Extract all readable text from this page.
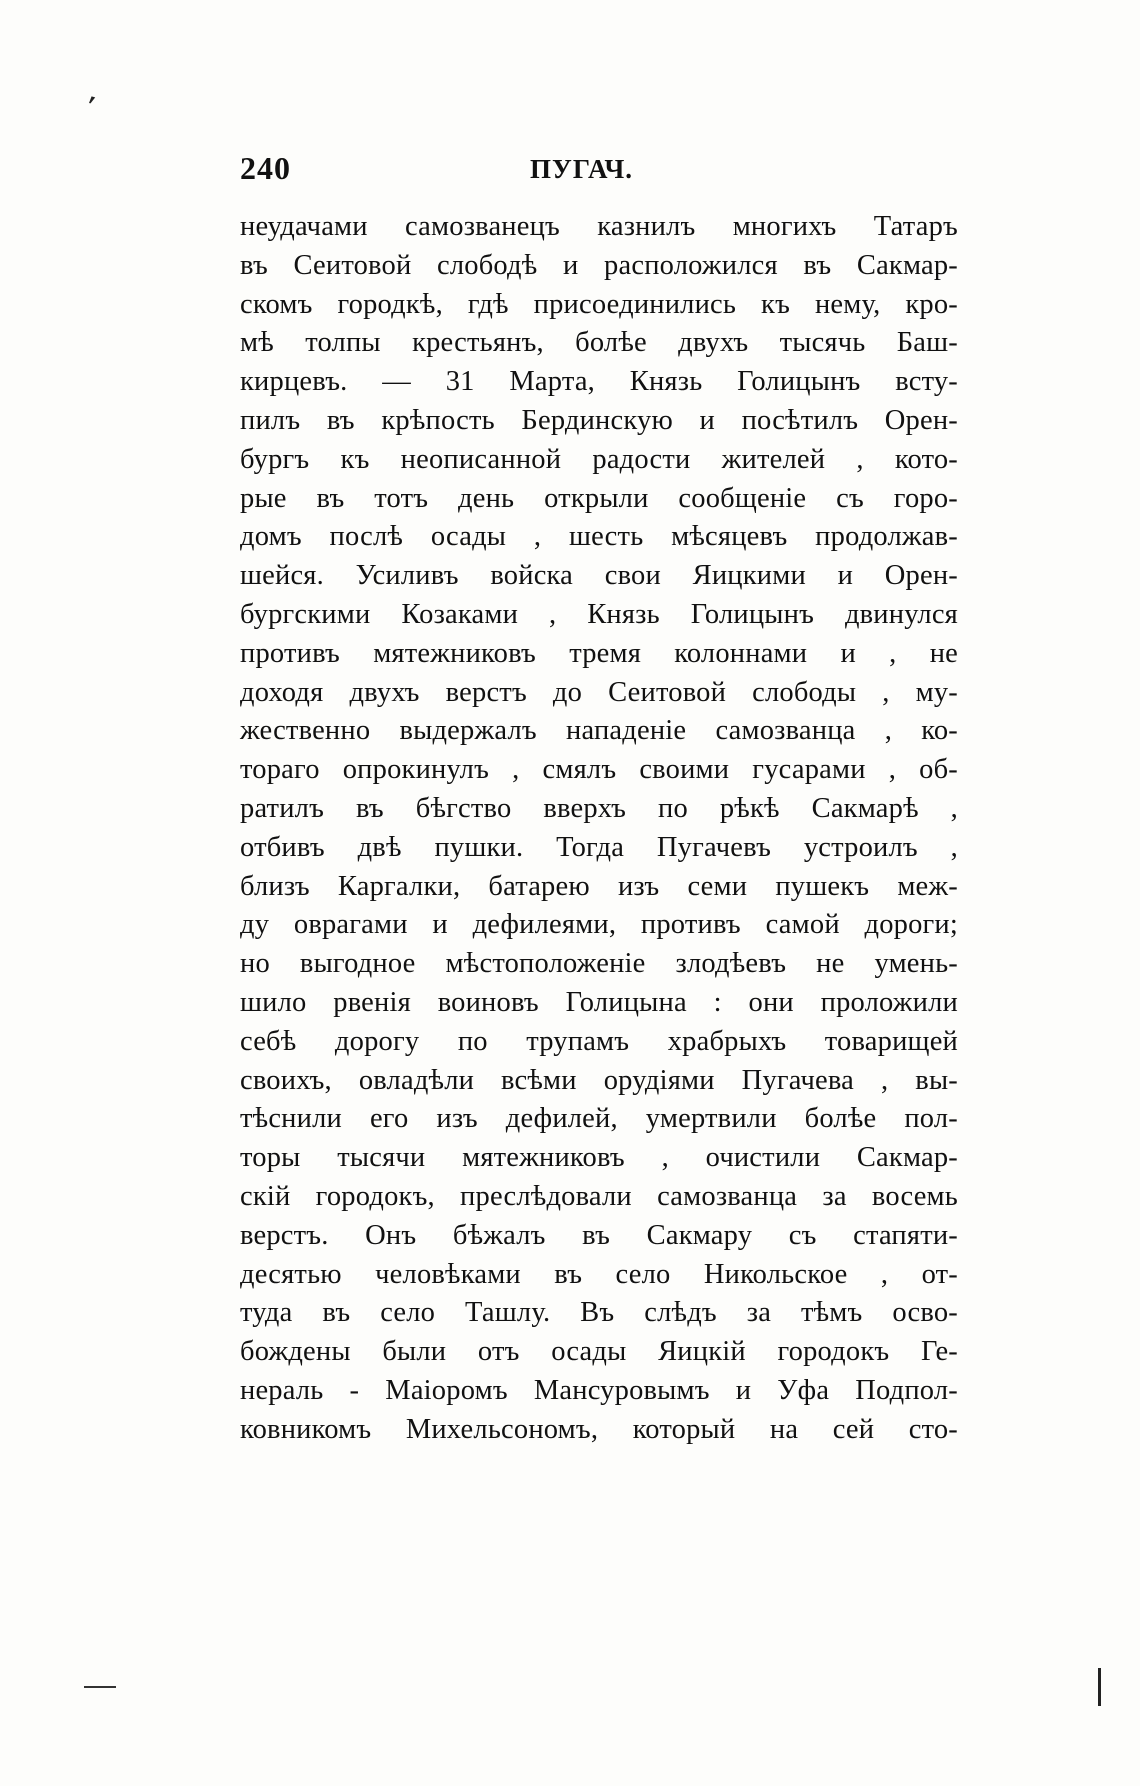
ʹ
240	ПУГАЧ.
неудачами самозванецъ казнилъ многихъ Татаръ
въ Сеитовой слободѣ и расположился въ Сакмар-
скомъ городкѣ, гдѣ присоединились къ нему, кро-
мѣ толпы крестьянъ, болѣе двухъ тысячь Баш-
кирцевъ. — 31 Марта, Князь Голицынъ всту-
пилъ въ крѣпость Бердинскую и посѣтилъ Орен-
бургъ къ неописанной радости жителей , кото-
рые въ тотъ день открыли сообщеніе съ горо-
домъ послѣ осады , шесть мѣсяцевъ продолжав-
шейся. Усиливъ войска свои Яицкими и Орен-
бургскими Козаками , Князь Голицынъ двинулся
противъ мятежниковъ тремя колоннами и , не
доходя двухъ верстъ до Сеитовой слободы , му-
жественно выдержалъ нападеніе самозванца , ко-
тораго опрокинулъ , смялъ своими гусарами , об-
ратилъ въ бѣгство вверхъ по рѣкѣ Сакмарѣ ,
отбивъ двѣ пушки. Тогда Пугачевъ устроилъ ,
близъ Каргалки, батарею изъ семи пушекъ меж-
ду оврагами и дефилеями, противъ самой дороги;
но выгодное мѣстоположеніе злодѣевъ не умень-
шило рвенія воиновъ Голицына : они проложили
себѣ дорогу по трупамъ храбрыхъ товарищей
своихъ, овладѣли всѣми орудіями Пугачева , вы-
тѣснили его изъ дефилей, умертвили болѣе пол-
торы тысячи мятежниковъ , очистили Сакмар-
скій городокъ, преслѣдовали самозванца за восемь
верстъ. Онъ бѣжалъ въ Сакмару съ стапяти-
десятью человѣками въ село Никольское , от-
туда въ село Ташлу. Въ слѣдъ за тѣмъ осво-
бождены были отъ осады Яицкій городокъ Ге-
нераль - Маіоромъ Мансуровымъ и Уфа Подпол-
ковникомъ Михельсономъ, который на сей сто-
